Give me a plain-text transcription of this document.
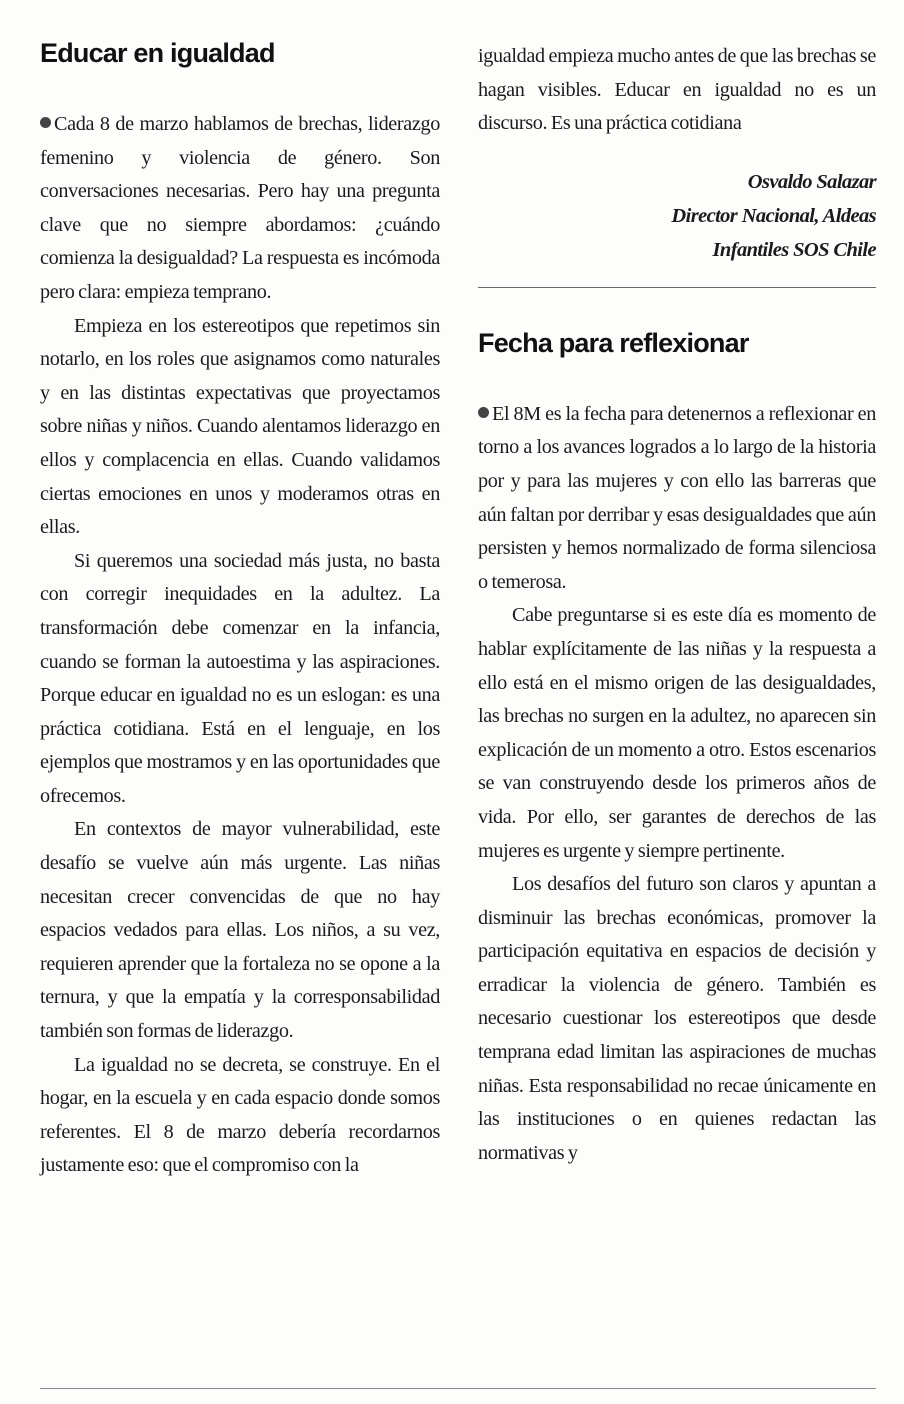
Educar en igualdad

Cada 8 de marzo hablamos de brechas, liderazgo femenino y violencia de género. Son conversaciones necesarias. Pero hay una pregunta clave que no siempre abordamos: ¿cuándo comienza la desigualdad? La respuesta es incómoda pero clara: empieza temprano.

Empieza en los estereotipos que repetimos sin notarlo, en los roles que asignamos como naturales y en las distintas expectativas que proyectamos sobre niñas y niños. Cuando alentamos liderazgo en ellos y complacencia en ellas. Cuando validamos ciertas emociones en unos y moderamos otras en ellas.

Si queremos una sociedad más justa, no basta con corregir inequidades en la adultez. La transformación debe comenzar en la infancia, cuando se forman la autoestima y las aspiraciones. Porque educar en igualdad no es un eslogan: es una práctica cotidiana. Está en el lenguaje, en los ejemplos que mostramos y en las oportunidades que ofrecemos.

En contextos de mayor vulnerabilidad, este desafío se vuelve aún más urgente. Las niñas necesitan crecer convencidas de que no hay espacios vedados para ellas. Los niños, a su vez, requieren aprender que la fortaleza no se opone a la ternura, y que la empatía y la corresponsabilidad también son formas de liderazgo.

La igualdad no se decreta, se construye. En el hogar, en la escuela y en cada espacio donde somos referentes. El 8 de marzo debería recordarnos justamente eso: que el compromiso con la

igualdad empieza mucho antes de que las brechas se hagan visibles. Educar en igualdad no es un discurso. Es una práctica cotidiana

Osvaldo Salazar
Director Nacional, Aldeas
Infantiles SOS Chile
Fecha para reflexionar

El 8M es la fecha para detenernos a reflexionar en torno a los avances logrados a lo largo de la historia por y para las mujeres y con ello las barreras que aún faltan por derribar y esas desigualdades que aún persisten y hemos normalizado de forma silenciosa o temerosa.

Cabe preguntarse si es este día es momento de hablar explícitamente de las niñas y la respuesta a ello está en el mismo origen de las desigualdades, las brechas no surgen en la adultez, no aparecen sin explicación de un momento a otro. Estos escenarios se van construyendo desde los primeros años de vida. Por ello, ser garantes de derechos de las mujeres es urgente y siempre pertinente.

Los desafíos del futuro son claros y apuntan a disminuir las brechas económicas, promover la participación equitativa en espacios de decisión y erradicar la violencia de género. También es necesario cuestionar los estereotipos que desde temprana edad limitan las aspiraciones de muchas niñas. Esta responsabilidad no recae únicamente en las instituciones o en quienes redactan las normativas y
